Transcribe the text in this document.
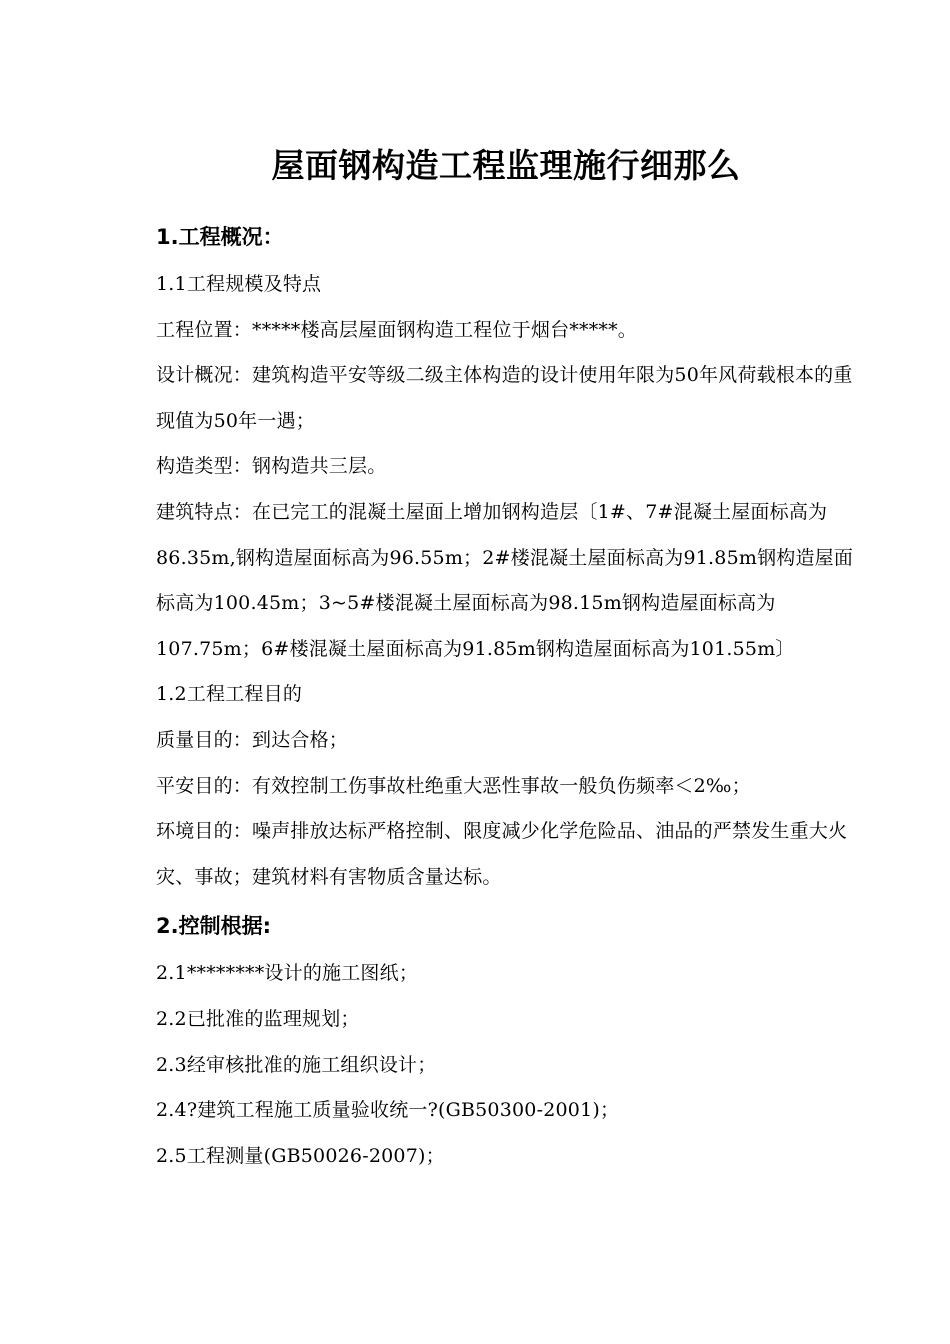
屋面钢构造工程监理施行细那么
1.工程概况：

1.1工程规模及特点

工程位置：*****楼高层屋面钢构造工程位于烟台*****。

设计概况：建筑构造平安等级二级主体构造的设计使用年限为50年风荷载根本的重现值为50年一遇；

构造类型：钢构造共三层。

建筑特点：在已完工的混凝土屋面上增加钢构造层〔1#、7#混凝土屋面标高为86.35m,钢构造屋面标高为96.55m；2#楼混凝土屋面标高为91.85m钢构造屋面标高为100.45m；3~5#楼混凝土屋面标高为98.15m钢构造屋面标高为107.75m；6#楼混凝土屋面标高为91.85m钢构造屋面标高为101.55m〕

1.2工程工程目的

质量目的：到达合格；

平安目的：有效控制工伤事故杜绝重大恶性事故一般负伤频率＜2‰；

环境目的：噪声排放达标严格控制、限度减少化学危险品、油品的严禁发生重大火灾、事故；建筑材料有害物质含量达标。

2.控制根据:

2.1********设计的施工图纸；

2.2已批准的监理规划；

2.3经审核批准的施工组织设计；

2.4?建筑工程施工质量验收统一?(GB50300-2001)；

2.5工程测量(GB50026-2007)；
